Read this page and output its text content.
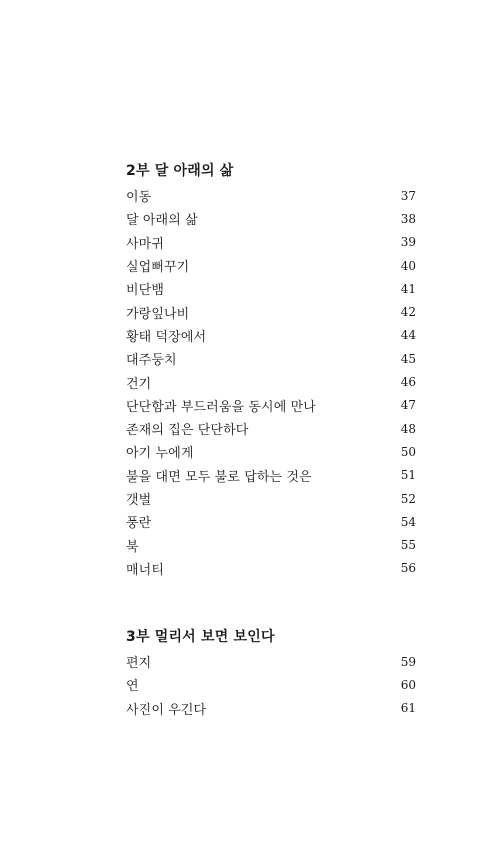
2부 달 아래의 삶
이동	37
달 아래의 삶	38
사마귀	39
실업뻐꾸기	40
비단뱀	41
가랑잎나비	42
황태 덕장에서	44
대주둥치	45
건기	46
단단함과 부드러움을 동시에 만나	47
존재의 집은 단단하다	48
아기 누에게	50
불을 대면 모두 불로 답하는 것은	51
갯벌	52
풍란	54
북	55
매너티	56
3부 멀리서 보면 보인다
편지	59
연	60
사진이 우긴다	61
